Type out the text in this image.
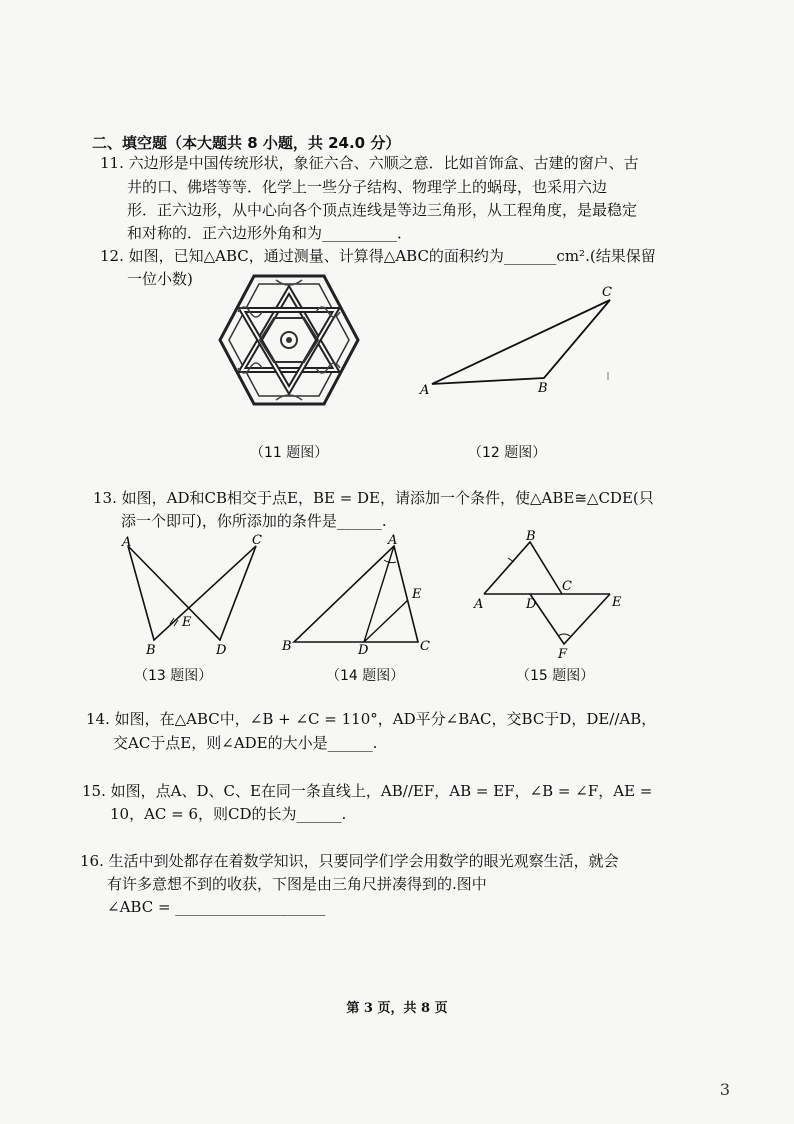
二、填空题（本大题共 8 小题，共 24.0 分）
11. 六边形是中国传统形状，象征六合、六顺之意．比如首饰盒、古建的窗户、古
井的口、佛塔等等．化学上一些分子结构、物理学上的蜗母，也采用六边
形．正六边形，从中心向各个顶点连线是等边三角形，从工程角度，是最稳定
和对称的．正六边形外角和为__________．
12. 如图，已知△ABC，通过测量、计算得△ABC的面积约为_______cm².(结果保留
一位小数)
A	B
C
（11 题图）	（12 题图）
13. 如图，AD和CB相交于点E，BE = DE，请添加一个条件，使△ABE≅△CDE(只
添一个即可)，你所添加的条件是______.
A	C
E
B	D
A
E
B	D	C
B
C
A	D	E
F
（13 题图）	（14 题图）	（15 题图）
14. 如图，在△ABC中，∠B + ∠C = 110°，AD平分∠BAC，交BC于D，DE//AB，
交AC于点E，则∠ADE的大小是______.
15. 如图，点A、D、C、E在同一条直线上，AB//EF，AB = EF，∠B = ∠F，AE =
10，AC = 6，则CD的长为______.
16. 生活中到处都存在着数学知识，只要同学们学会用数学的眼光观察生活，就会
有许多意想不到的收获，下图是由三角尺拼凑得到的.图中
∠ABC = ____________________
第 3 页，共 8 页
3
